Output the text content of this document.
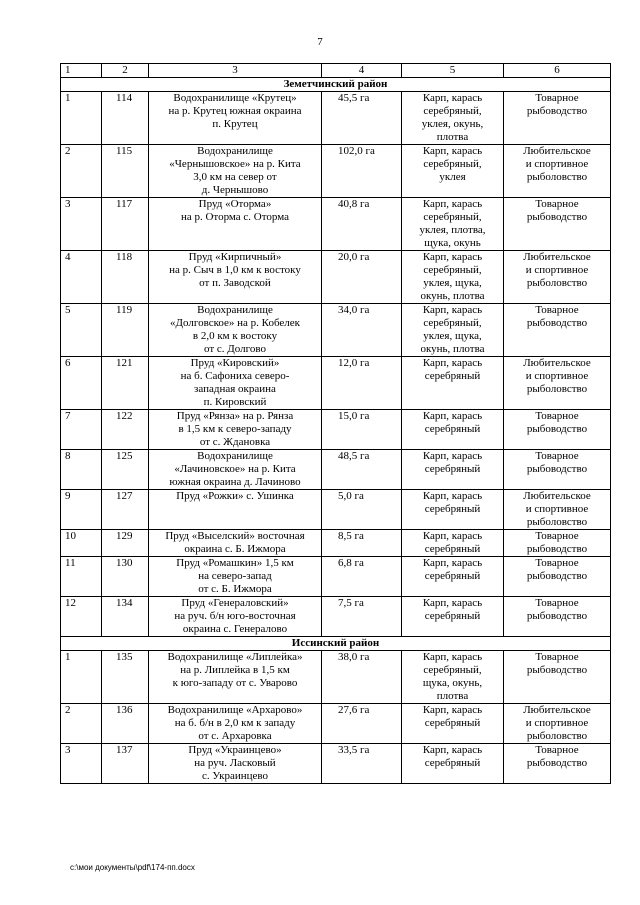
7
1	2	3	4	5	6
Земетчинский район					
1	114	Водохранилище «Крутец»
на р. Крутец южная окраина
п. Крутец	45,5 га	Карп, карась
серебряный,
уклея, окунь,
плотва	Товарное
рыбоводство
2	115	Водохранилище
«Чернышовское» на р. Кита
3,0 км на север от
д. Чернышово	102,0 га	Карп, карась
серебряный,
уклея	Любительское
и спортивное
рыболовство
3	117	Пруд «Оторма»
на р. Оторма с. Оторма	40,8 га	Карп, карась
серебряный,
уклея, плотва,
щука, окунь	Товарное
рыбоводство
4	118	Пруд «Кирпичный»
на р. Сыч в 1,0 км к востоку
от п. Заводской	20,0 га	Карп, карась
серебряный,
уклея, щука,
окунь, плотва	Любительское
и спортивное
рыболовство
5	119	Водохранилище
«Долговское» на р. Кобелек
в 2,0 км к востоку
от с. Долгово	34,0 га	Карп, карась
серебряный,
уклея, щука,
окунь, плотва	Товарное
рыбоводство
6	121	Пруд «Кировский»
на б. Сафониха северо-
западная окраина
п. Кировский	12,0 га	Карп, карась
серебряный	Любительское
и спортивное
рыболовство
7	122	Пруд «Рянза» на р. Рянза
в 1,5 км к северо-западу
от с. Ждановка	15,0 га	Карп, карась
серебряный	Товарное
рыбоводство
8	125	Водохранилище
«Лачиновское» на р. Кита
южная окраина д. Лачиново	48,5 га	Карп, карась
серебряный	Товарное
рыбоводство
9	127	Пруд «Рожки» с. Ушинка	5,0 га	Карп, карась
серебряный	Любительское
и спортивное
рыболовство
10	129	Пруд «Выселский» восточная
окраина с. Б. Ижмора	8,5 га	Карп, карась
серебряный	Товарное
рыбоводство
11	130	Пруд «Ромашкин» 1,5 км
на северо-запад
от с. Б. Ижмора	6,8 га	Карп, карась
серебряный	Товарное
рыбоводство
12	134	Пруд «Генераловский»
на руч. б/н юго-восточная
окраина с. Генералово	7,5 га	Карп, карась
серебряный	Товарное
рыбоводство
Иссинский район					
1	135	Водохранилище «Липлейка»
на р. Липлейка в 1,5 км
к юго-западу от с. Уварово	38,0 га	Карп, карась
серебряный,
щука, окунь,
плотва	Товарное
рыбоводство
2	136	Водохранилище «Архарово»
на б. б/н в 2,0 км к западу
от с. Архаровка	27,6 га	Карп, карась
серебряный	Любительское
и спортивное
рыболовство
3	137	Пруд «Украинцево»
на руч. Ласковый
с. Украинцево	33,5 га	Карп, карась
серебряный	Товарное
рыбоводство
c:\мои документы\pdf\174-пп.docx
